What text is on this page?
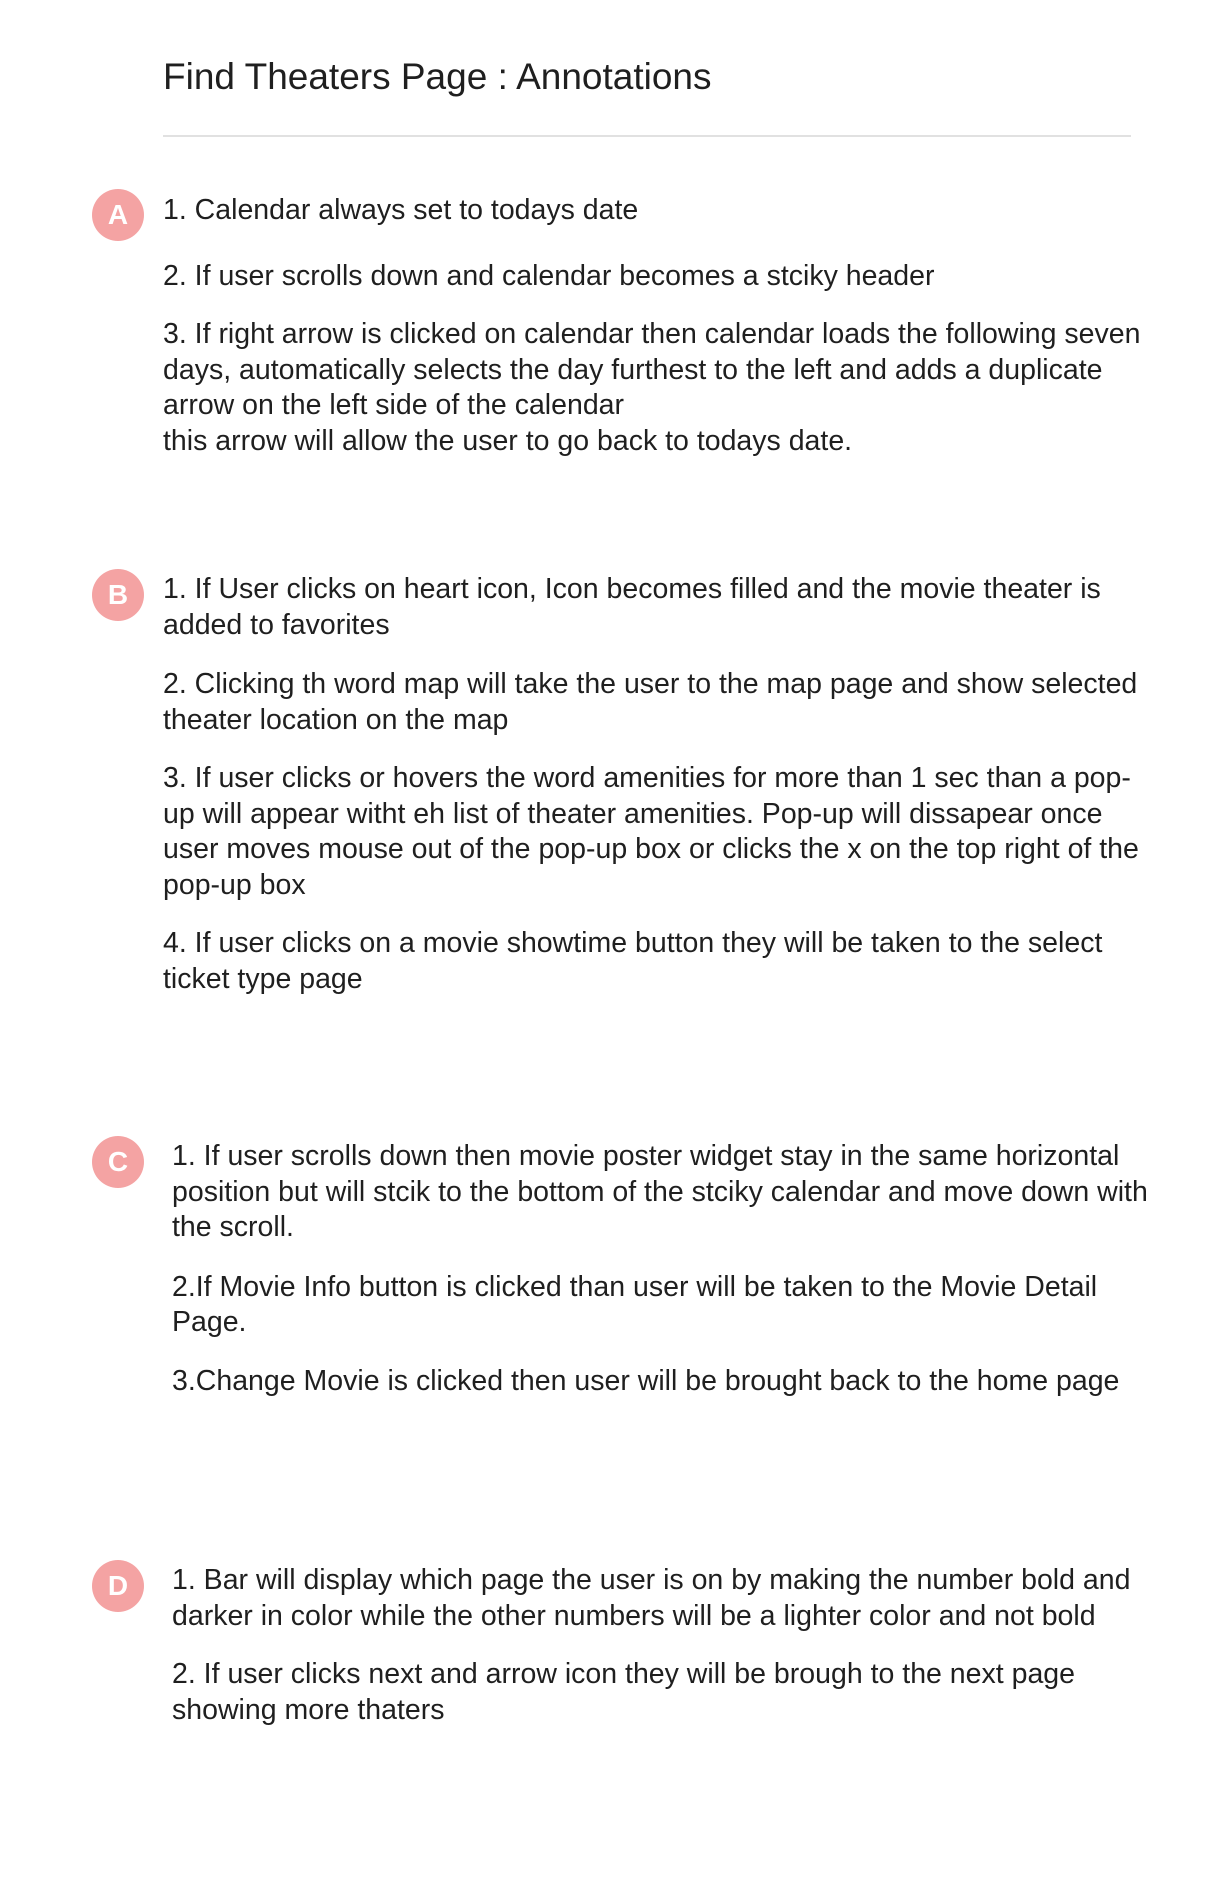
Find Theaters Page : Annotations
A	1. Calendar always set to todays date

2. If user scrolls down and calendar becomes a stciky header

3. If right arrow is clicked on calendar then calendar loads the following seven days, automatically selects the day furthest to the left and adds a duplicate arrow on the left side of the calendar
this arrow will allow the user to go back to todays date.

B	1. If User clicks on heart icon, Icon becomes filled and the movie theater is added to favorites

2. Clicking th word map will take the user to the map page and show selected theater location on the map

3. If user clicks or hovers the word amenities for more than 1 sec than a pop-up will appear witht eh list of theater amenities. Pop-up will dissapear once user moves mouse out of the pop-up box or clicks the x on the top right of the pop-up box

4. If user clicks on a movie showtime button they will be taken to the select ticket type page

C	1. If user scrolls down then movie poster widget stay in the same horizontal position but will stcik to the bottom of the stciky calendar and move down with the scroll.

2.If Movie Info button is clicked than user will be taken to the Movie Detail Page.

3.Change Movie is clicked then user will be brought back to the home page

D	1. Bar will display which page the user is on by making the number bold and darker in color while the other numbers will be a lighter color and not bold

2. If user clicks next and arrow icon they will be brough to the next page showing more thaters
